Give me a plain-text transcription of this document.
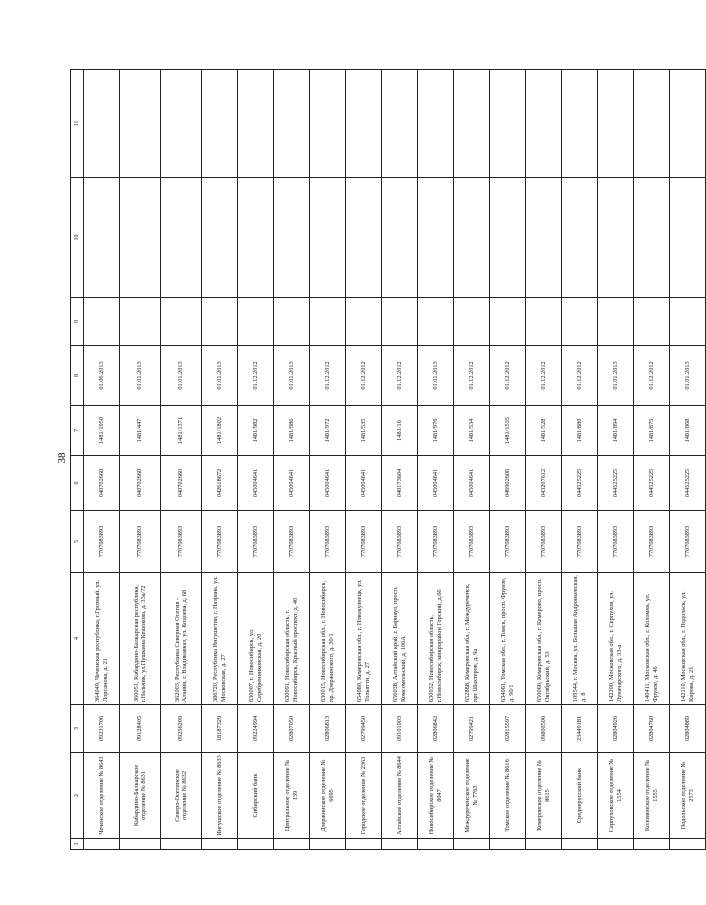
38
1	2	3	4	5	6	7	8	9	10	11
	Чеченское отделение № 8643	09231706	364049, Чеченская республика, г.Грозный, ул. Лорсанова, д. 21	7707083893	040702660	1481/1950	01.06.2013			
	Кабардино-Балкарское отделение № 8631	09128405	360051, Кабардино-Балкарская республика, г.Нальчик, ул.Пушкина/Кешокова, д. 33а/72	7707083893	040702660	1481/447	01.01.2013			
	Северо-Осетинское отделение № 8632	09256209	362003, Республика Северная Осетия - Алания, г. Владикавказ, ул. Коцоева, д. 68	7707083893	040702660	1481/1371	01.01.2013			
	Ингушское отделение № 8633	18187329	386720, Республика Ингушетия, г. Назрань, ул. Московская, д. 27	7707083893	042618672	1481/1802	01.01.2013			
	Сибирский банк	09224994	630007, г. Новосибирск, ул. Серебренниковская, д. 20	7707083893	045004641	1481/982	01.12.2012			
	Центральное отделение № 139	02807050	630091, Новосибирская область, г. Новосибирск, Красный проспект, д. 46	7707083893	045004641	1481/986	01.01.2013			
	Дзержинское отделение № 6695	02806813	630015, Новосибирская обл., г. Новосибирск, пр. Дзержинского, д. 30/1	7707083893	045004641	1481/972	01.12.2012			
	Городское отделение № 2363	02799450	654080, Кемеровская обл., г. Новокузнецк, ул. Тольятти, д. 27	7707083893	045004641	1481/535	01.12.2012			
	Алтайское отделение № 8644	09101903	656038, Алтайский край, г. Барнаул, просп. Комсомольский, д. 106А	7707083893	040173604	1481/16	01.12.2012			
	Новосибирское отделение № 8047	02806842	630032, Новосибирская область, г.Новосибирск, микрорайон Горский, д.66	7707083893	045004641	1481/976	01.01.2013			
	Междуреченское отделение № 7763	02799421	652888, Кемеровская обл., г. Междуреченск, прт Шахтеров, д. 9а	7707083893	045004641	1481/534	01.12.2012			
	Томское отделение № 8616	02815597	634061, Томская обл., г. Томск, просп. Фрунзе, д. 90/1	7707083893	046902606	1481/1535	01.12.2012			
	Кемеровское отделение № 8615	09800506	650066, Кемеровская обл., г. Кемерово, просп. Октябрьский, д. 53	7707083893	043207612	1481/528	01.12.2012			
	Среднерусский банк	23449181	109544, г. Москва, ул. Большая Андроньевская, д. 8	7707083893	044525225	1481/880	01.12.2012			
	Серпуховское отделение № 1554	02804926	142200, Московская обл., г. Серпухов, ул. Луначарского, д. 33-а	7707083893	044525225	1481/894	01.01.2013			
	Коломенское отделение № 1555	02804760	140411, Московская обл., г. Коломна, ул. Фрунзе, д. 46	7707083893	044525225	1481/875	01.12.2012			
	Подольское отделение № 2573	02804889	142110, Московская обл., г. Подольск, ул. Кирова, д. 21	7707083893	044525225	1481/868	01.01.2013			
